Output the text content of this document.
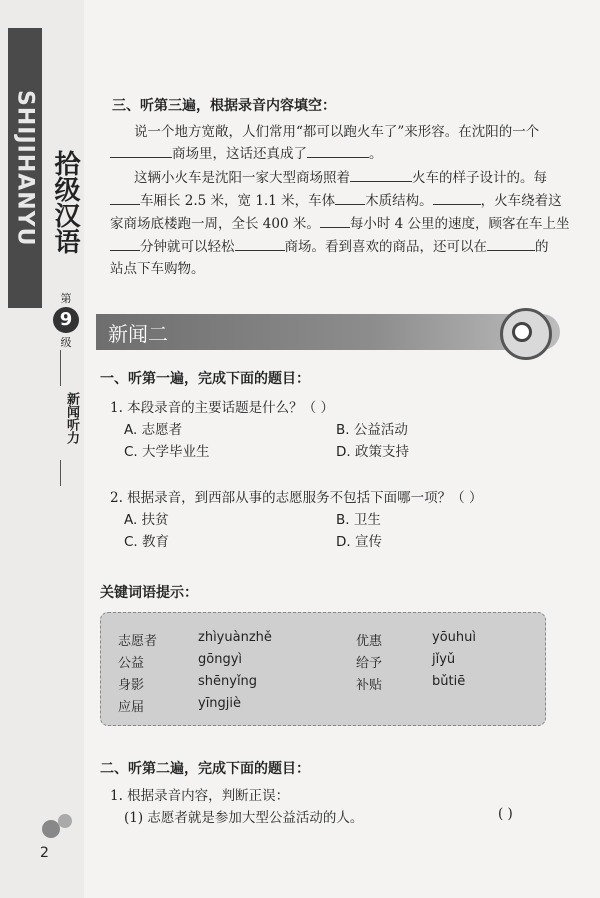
SHIJIHANYU 拾级汉语
第
9
级
新闻听力
2
三、听第三遍，根据录音内容填空：
说一个地方宽敞，人们常用“都可以跑火车了”来形容。在沈阳的一个
商场里，这话还真成了	。
这辆小火车是沈阳一家大型商场照着	火车的样子设计的。每
车厢长 2.5 米，宽 1.1 米，车体 木质结构。	，火车绕着这
家商场底楼跑一周，全长 400 米。 每小时 4 公里的速度，顾客在车上坐
分钟就可以轻松	商场。看到喜欢的商品，还可以在	的
站点下车购物。
新闻二
一、听第一遍，完成下面的题目：
1. 本段录音的主要话题是什么？（ ）
A. 志愿者	B. 公益活动
C. 大学毕业生	D. 政策支持
2. 根据录音，到西部从事的志愿服务不包括下面哪一项？（ ）
A. 扶贫	B. 卫生
C. 教育	D. 宣传
关键词语提示：
志愿者	zhìyuànzhě
公益	gōngyì
身影	shēnyǐng
应届	yīngjiè
优惠	yōuhuì
给予	jǐyǔ
补贴	bǔtiē
二、听第二遍，完成下面的题目：
1. 根据录音内容，判断正误：
(1) 志愿者就是参加大型公益活动的人。	( )
